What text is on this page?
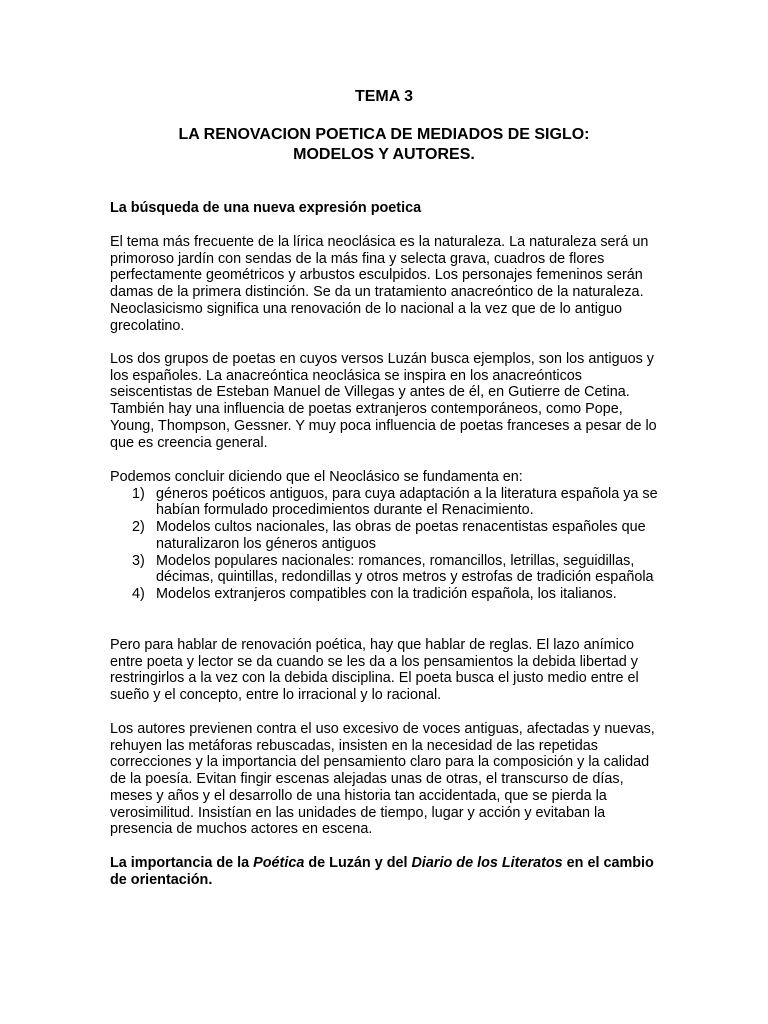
TEMA 3
LA RENOVACION POETICA DE MEDIADOS DE SIGLO:
MODELOS Y AUTORES.

La búsqueda de una nueva expresión poetica

El tema más frecuente de la lírica neoclásica es la naturaleza. La naturaleza será un primoroso jardín con sendas de la más fina y selecta grava, cuadros de flores perfectamente geométricos y arbustos esculpidos. Los personajes femeninos serán damas de la primera distinción. Se da un tratamiento anacreóntico de la naturaleza. Neoclasicismo significa una renovación de lo nacional a la vez que de lo antiguo grecolatino.

Los dos grupos de poetas en cuyos versos Luzán busca ejemplos, son los antiguos y los españoles. La anacreóntica neoclásica se inspira en los anacreónticos seiscentistas de Esteban Manuel de Villegas y antes de él, en Gutierre de Cetina. También hay una influencia de poetas extranjeros contemporáneos, como Pope, Young, Thompson, Gessner. Y muy poca influencia de poetas franceses a pesar de lo que es creencia general.

Podemos concluir diciendo que el Neoclásico se fundamenta en:

1) géneros poéticos antiguos, para cuya adaptación a la literatura española ya se habían formulado procedimientos durante el Renacimiento.
2) Modelos cultos nacionales, las obras de poetas renacentistas españoles que naturalizaron los géneros antiguos
3) Modelos populares nacionales: romances, romancillos, letrillas, seguidillas, décimas, quintillas, redondillas y otros metros y estrofas de tradición española
4) Modelos extranjeros compatibles con la tradición española, los italianos.

Pero para hablar de renovación poética, hay que hablar de reglas. El lazo anímico entre poeta y lector se da cuando se les da a los pensamientos la debida libertad y restringirlos a la vez con la debida disciplina. El poeta busca el justo medio entre el sueño y el concepto, entre lo irracional y lo racional.

Los autores previenen contra el uso excesivo de voces antiguas, afectadas y nuevas, rehuyen las metáforas rebuscadas, insisten en la necesidad de las repetidas correcciones y la importancia del pensamiento claro para la composición y la calidad de la poesía. Evitan fingir escenas alejadas unas de otras, el transcurso de días, meses y años y el desarrollo de una historia tan accidentada, que se pierda la verosimilitud. Insistían en las unidades de tiempo, lugar y acción y evitaban la presencia de muchos actores en escena.

La importancia de la Poética de Luzán y del Diario de los Literatos en el cambio de orientación.
